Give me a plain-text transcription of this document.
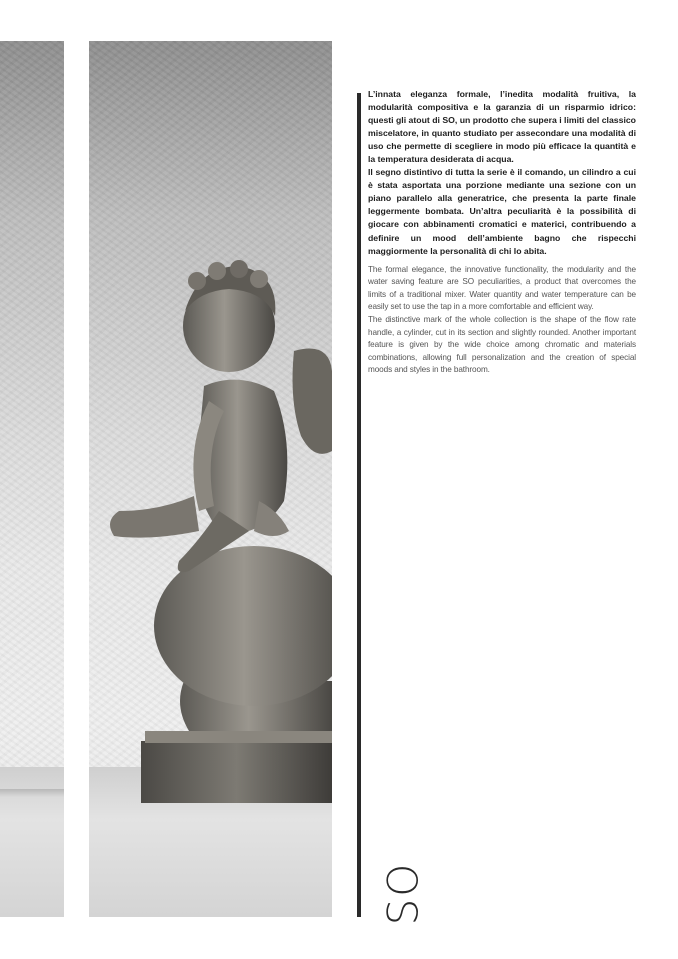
L’innata eleganza formale, l’inedita modalità fruitiva, la modularità compositiva e la garanzia di un risparmio idrico: questi gli atout di SO, un prodotto che supera i limiti del classico miscelatore, in quanto studiato per assecondare una modalità di uso che permette di scegliere in modo più efficace la quantità e la temperatura desiderata di acqua.

Il segno distintivo di tutta la serie è il comando, un cilindro a cui è stata asportata una porzione mediante una sezione con un piano parallelo alla generatrice, che presenta la parte finale leggermente bombata. Un’altra peculiarità è la possibilità di giocare con abbinamenti cromatici e materici, contribuendo a definire un mood dell’ambiente bagno che rispecchi maggiormente la personalità di chi lo abita.

The formal elegance, the innovative functionality, the modularity and the water saving feature are SO peculiarities, a product that overcomes the limits of a traditional mixer. Water quantity and water temperature can be easily set to use the tap in a more comfortable and efficient way.

The distinctive mark of the whole collection is the shape of the flow rate handle, a cylinder, cut in its section and slightly rounded. Another important feature is given by the wide choice among chromatic and materials combinations, allowing full personalization and the creation of special moods and styles in the bathroom.

SO
